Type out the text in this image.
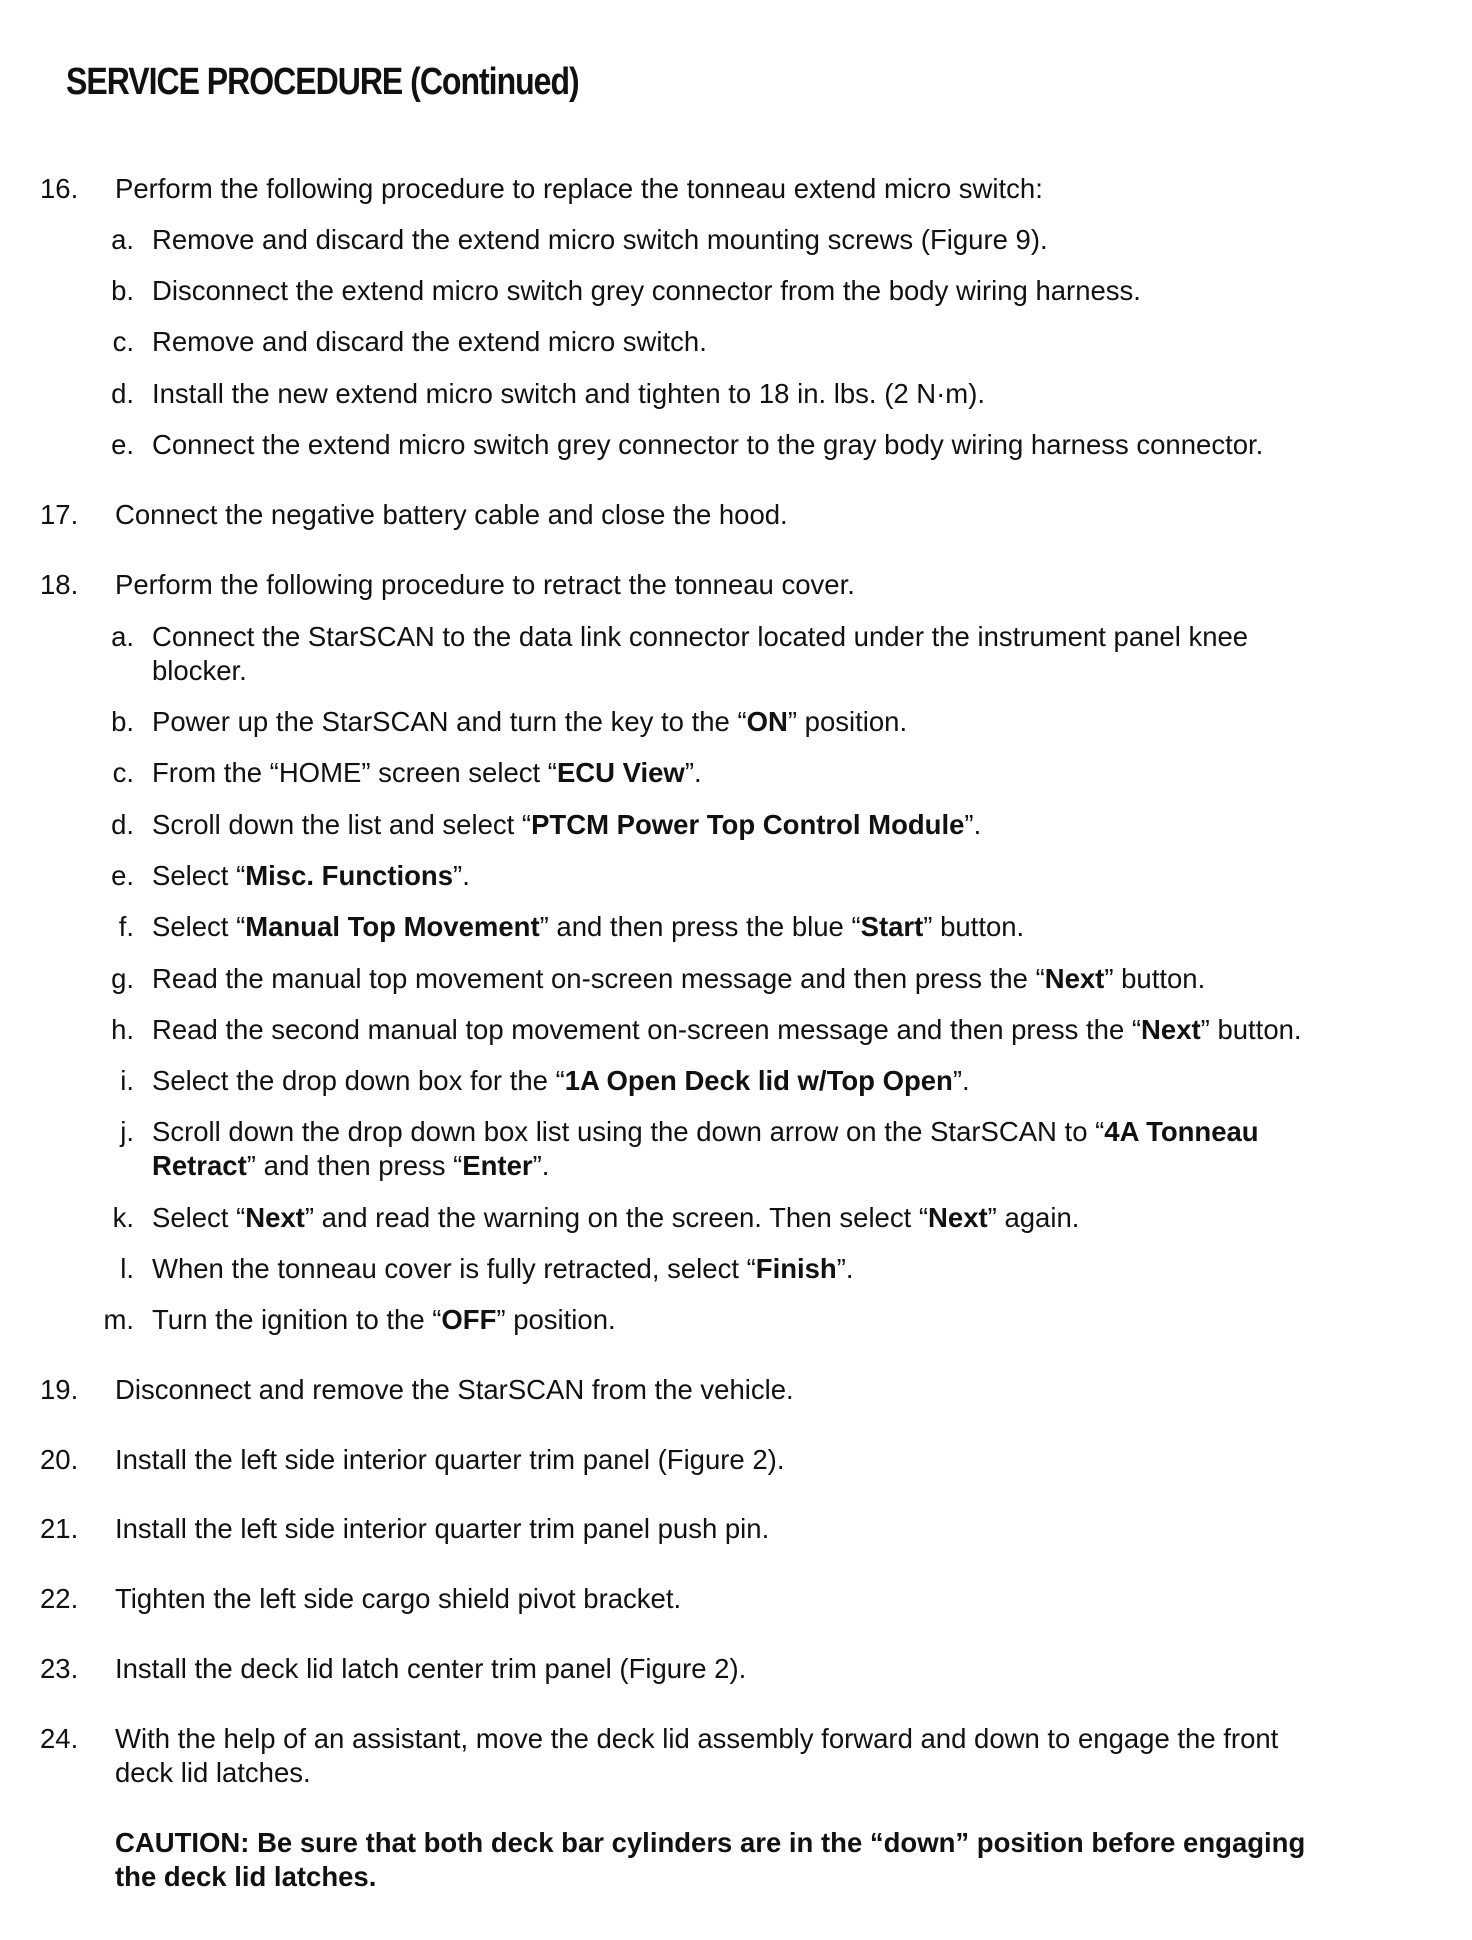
SERVICE PROCEDURE (Continued)
16. Perform the following procedure to replace the tonneau extend micro switch:
a. Remove and discard the extend micro switch mounting screws (Figure 9).
b. Disconnect the extend micro switch grey connector from the body wiring harness.
c. Remove and discard the extend micro switch.
d. Install the new extend micro switch and tighten to 18 in. lbs. (2 N·m).
e. Connect the extend micro switch grey connector to the gray body wiring harness connector.
17. Connect the negative battery cable and close the hood.
18. Perform the following procedure to retract the tonneau cover.
a. Connect the StarSCAN to the data link connector located under the instrument panel knee
blocker.
b. Power up the StarSCAN and turn the key to the “ON” position.
c. From the “HOME” screen select “ECU View”.
d. Scroll down the list and select “PTCM Power Top Control Module”.
e. Select “Misc. Functions”.
f. Select “Manual Top Movement” and then press the blue “Start” button.
g. Read the manual top movement on-screen message and then press the “Next” button.
h. Read the second manual top movement on-screen message and then press the “Next” button.
i. Select the drop down box for the “1A Open Deck lid w/Top Open”.
j. Scroll down the drop down box list using the down arrow on the StarSCAN to “4A Tonneau
Retract” and then press “Enter”.
k. Select “Next” and read the warning on the screen. Then select “Next” again.
l. When the tonneau cover is fully retracted, select “Finish”.
m. Turn the ignition to the “OFF” position.
19. Disconnect and remove the StarSCAN from the vehicle.
20. Install the left side interior quarter trim panel (Figure 2).
21. Install the left side interior quarter trim panel push pin.
22. Tighten the left side cargo shield pivot bracket.
23. Install the deck lid latch center trim panel (Figure 2).
24. With the help of an assistant, move the deck lid assembly forward and down to engage the front
deck lid latches.
CAUTION: Be sure that both deck bar cylinders are in the “down” position before engaging
the deck lid latches.
